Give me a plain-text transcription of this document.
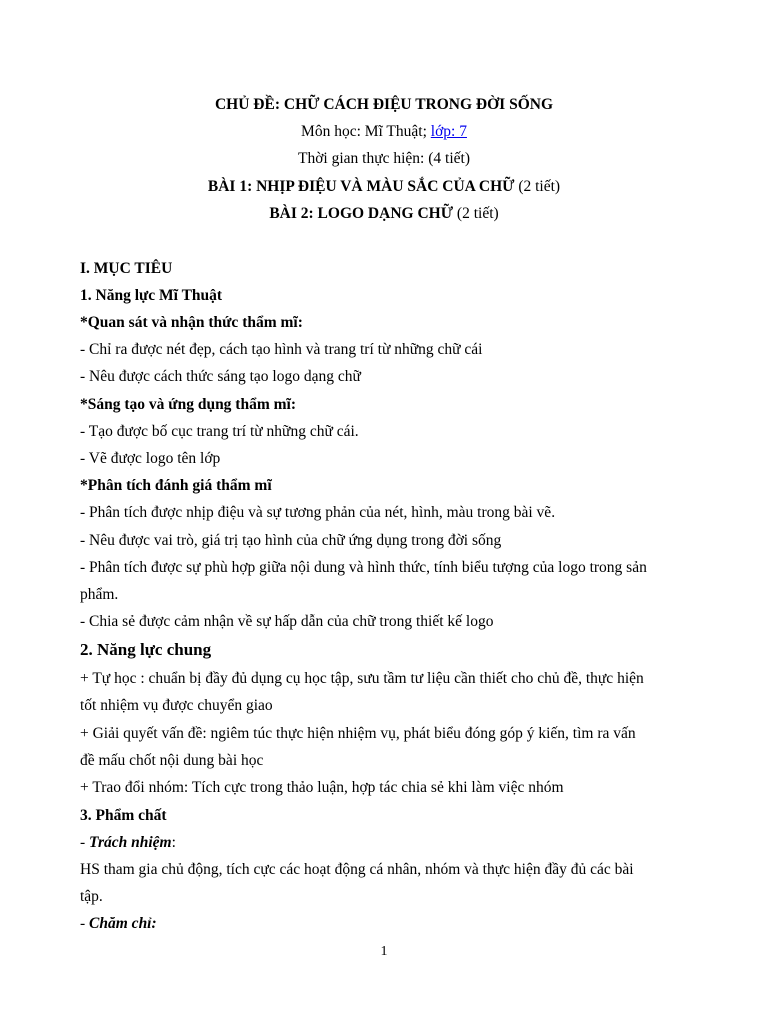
CHỦ ĐỀ: CHỮ CÁCH ĐIỆU TRONG ĐỜI SỐNG
Môn học: Mĩ Thuật; lớp: 7
Thời gian thực hiện: (4 tiết)
BÀI 1: NHỊP ĐIỆU VÀ MÀU SẮC CỦA CHỮ (2 tiết)
BÀI 2: LOGO DẠNG CHỮ (2 tiết)
I. MỤC TIÊU
1. Năng lực Mĩ Thuật
*Quan sát và nhận thức thẩm mĩ:
- Chỉ ra được nét đẹp, cách tạo hình và trang trí từ những chữ cái
- Nêu được cách thức sáng tạo logo dạng chữ
*Sáng tạo và ứng dụng thẩm mĩ:
- Tạo được bố cục trang trí từ những chữ cái.
- Vẽ được logo tên lớp
*Phân tích đánh giá thẩm mĩ
- Phân tích được nhịp điệu và sự tương phản của nét, hình, màu trong bài vẽ.
- Nêu được vai trò, giá trị tạo hình của chữ ứng dụng trong đời sống
- Phân tích được sự phù hợp giữa nội dung và hình thức, tính biểu tượng của logo trong sản
phẩm.
- Chia sẻ được cảm nhận về sự hấp dẫn của chữ trong thiết kế logo
2. Năng lực chung
+ Tự học : chuẩn bị đầy đủ dụng cụ học tập, sưu tầm tư liệu cần thiết cho chủ đề, thực hiện
tốt nhiệm vụ được chuyển giao
+ Giải quyết vấn đề: ngiêm túc thực hiện nhiệm vụ, phát biểu đóng góp ý kiến, tìm ra vấn
đề mấu chốt nội dung bài học
+ Trao đổi nhóm: Tích cực trong thảo luận, hợp tác chia sẻ khi làm việc nhóm
3. Phẩm chất
- Trách nhiệm:
HS tham gia chủ động, tích cực các hoạt động cá nhân, nhóm và thực hiện đầy đủ các bài
tập.
- Chăm chỉ:
1
